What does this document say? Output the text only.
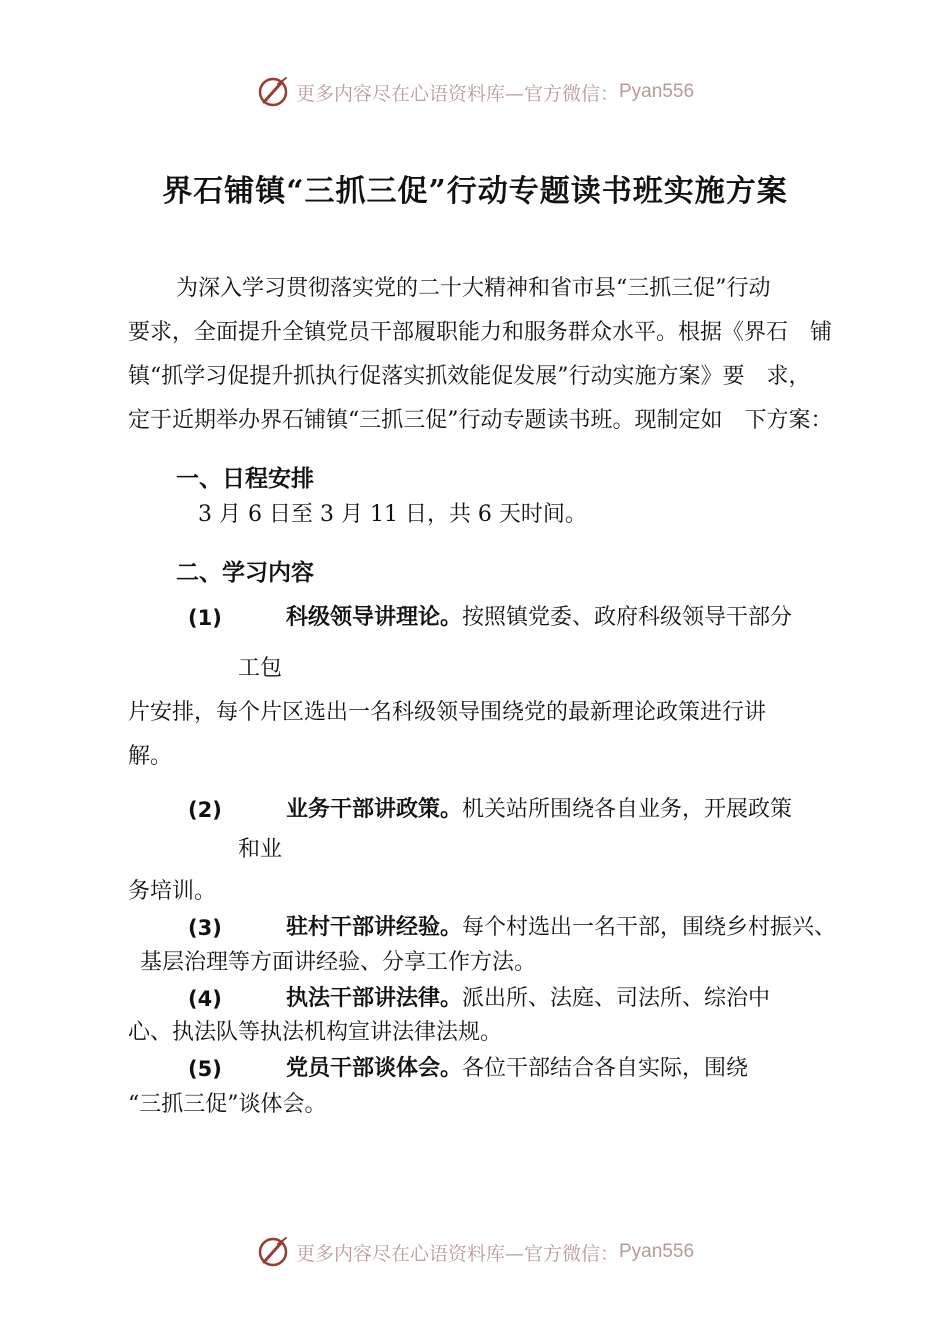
更多内容尽在心语资料库—官方微信： Pyan556
界石铺镇“三抓三促”行动专题读书班实施方案
为深入学习贯彻落实党的二十大精神和省市县“三抓三促”行动
要求，全面提升全镇党员干部履职能力和服务群众水平。根据《界石　铺
镇“抓学习促提升抓执行促落实抓效能促发展”行动实施方案》要　求，
定于近期举办界石铺镇“三抓三促”行动专题读书班。现制定如　下方案：
一、日程安排
3 月 6 日至 3 月 11 日，共 6 天时间。
二、学习内容
(1)	科级领导讲理论。按照镇党委、政府科级领导干部分
工包
片安排，每个片区选出一名科级领导围绕党的最新理论政策进行讲
解。
(2)	业务干部讲政策。机关站所围绕各自业务，开展政策
和业
务培训。
(3)	驻村干部讲经验。每个村选出一名干部，围绕乡村振兴、
基层治理等方面讲经验、分享工作方法。
(4)	执法干部讲法律。派出所、法庭、司法所、综治中
心、执法队等执法机构宣讲法律法规。
(5)	党员干部谈体会。各位干部结合各自实际，围绕
“三抓三促”谈体会。
更多内容尽在心语资料库—官方微信： Pyan556
